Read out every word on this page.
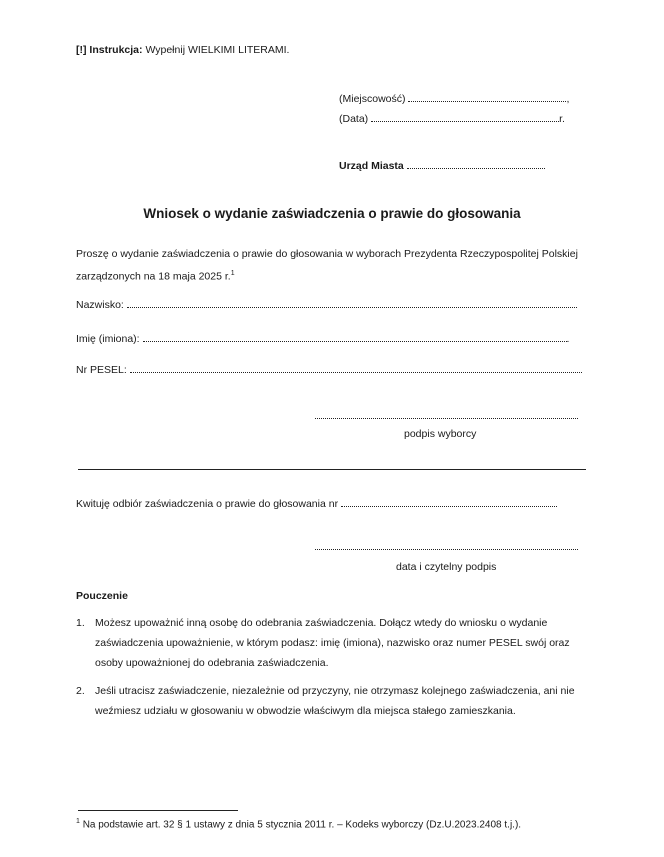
[!] Instrukcja: Wypełnij WIELKIMI LITERAMI.
(Miejscowość)	,
(Data)	r.
Urząd Miasta
Wniosek o wydanie zaświadczenia o prawie do głosowania
Proszę o wydanie zaświadczenia o prawie do głosowania w wyborach Prezydenta Rzeczypospolitej Polskiej zarządzonych na 18 maja 2025 r.$^1$
Nazwisko:
Imię (imiona):	.
Nr PESEL:
podpis wyborcy
Kwituję odbiór zaświadczenia o prawie do głosowania nr
data i czytelny podpis
Pouczenie
1. Możesz upoważnić inną osobę do odebrania zaświadczenia. Dołącz wtedy do wniosku o wydanie zaświadczenia upoważnienie, w którym podasz: imię (imiona), nazwisko oraz numer PESEL swój oraz osoby upoważnionej do odebrania zaświadczenia.
2. Jeśli utracisz zaświadczenie, niezależnie od przyczyny, nie otrzymasz kolejnego zaświadczenia, ani nie weźmiesz udziału w głosowaniu w obwodzie właściwym dla miejsca stałego zamieszkania.
$^1$ Na podstawie art. 32 § 1 ustawy z dnia 5 stycznia 2011 r. – Kodeks wyborczy (Dz.U.2023.2408 t.j.).
